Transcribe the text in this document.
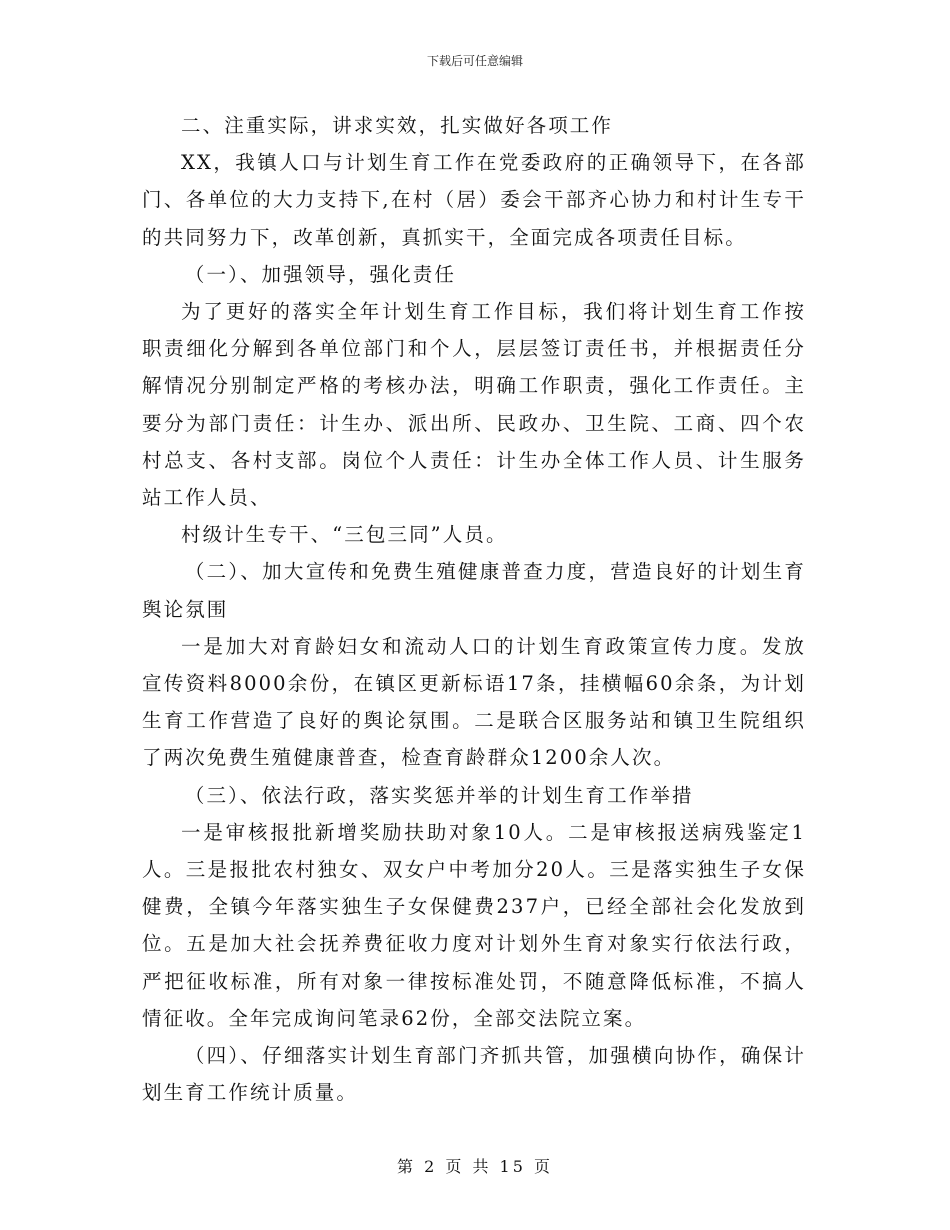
下载后可任意编辑

二、注重实际，讲求实效，扎实做好各项工作

XX，我镇人口与计划生育工作在党委政府的正确领导下，在各部门、各单位的大力支持下,在村（居）委会干部齐心协力和村计生专干的共同努力下，改革创新，真抓实干，全面完成各项责任目标。

（一）、加强领导，强化责任

为了更好的落实全年计划生育工作目标，我们将计划生育工作按职责细化分解到各单位部门和个人，层层签订责任书，并根据责任分解情况分别制定严格的考核办法，明确工作职责，强化工作责任。主要分为部门责任：计生办、派出所、民政办、卫生院、工商、四个农村总支、各村支部。岗位个人责任：计生办全体工作人员、计生服务站工作人员、

村级计生专干、“三包三同”人员。

（二）、加大宣传和免费生殖健康普查力度，营造良好的计划生育舆论氛围

一是加大对育龄妇女和流动人口的计划生育政策宣传力度。发放宣传资料8000余份，在镇区更新标语17条，挂横幅60余条，为计划生育工作营造了良好的舆论氛围。二是联合区服务站和镇卫生院组织了两次免费生殖健康普查，检查育龄群众1200余人次。

（三）、依法行政，落实奖惩并举的计划生育工作举措

一是审核报批新增奖励扶助对象10人。二是审核报送病残鉴定1人。三是报批农村独女、双女户中考加分20人。三是落实独生子女保健费，全镇今年落实独生子女保健费237户，已经全部社会化发放到位。五是加大社会抚养费征收力度对计划外生育对象实行依法行政，严把征收标准，所有对象一律按标准处罚，不随意降低标准，不搞人情征收。全年完成询问笔录62份，全部交法院立案。

（四）、仔细落实计划生育部门齐抓共管，加强横向协作，确保计划生育工作统计质量。

第 2 页 共 15 页
